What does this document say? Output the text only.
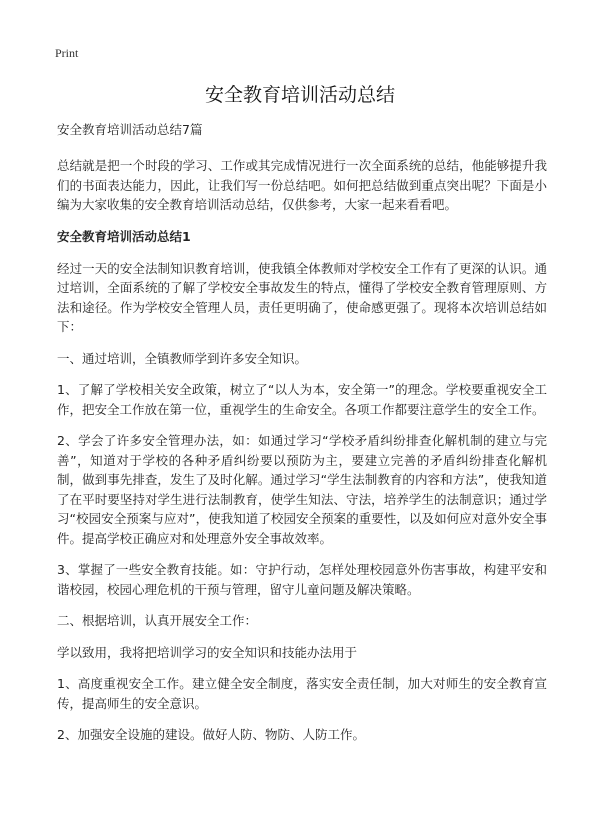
Print
安全教育培训活动总结

安全教育培训活动总结7篇

总结就是把一个时段的学习、工作或其完成情况进行一次全面系统的总结，他能够提升我们的书面表达能力，因此，让我们写一份总结吧。如何把总结做到重点突出呢？下面是小编为大家收集的安全教育培训活动总结，仅供参考，大家一起来看看吧。

安全教育培训活动总结1

经过一天的安全法制知识教育培训，使我镇全体教师对学校安全工作有了更深的认识。通过培训，全面系统的了解了学校安全事故发生的特点，懂得了学校安全教育管理原则、方法和途径。作为学校安全管理人员，责任更明确了，使命感更强了。现将本次培训总结如下：

一、通过培训，全镇教师学到许多安全知识。

1、了解了学校相关安全政策，树立了“以人为本，安全第一”的理念。学校要重视安全工作，把安全工作放在第一位，重视学生的生命安全。各项工作都要注意学生的安全工作。

2、学会了许多安全管理办法，如：如通过学习“学校矛盾纠纷排查化解机制的建立与完善”，知道对于学校的各种矛盾纠纷要以预防为主，要建立完善的矛盾纠纷排查化解机制，做到事先排查，发生了及时化解。通过学习“学生法制教育的内容和方法”，使我知道了在平时要坚持对学生进行法制教育，使学生知法、守法，培养学生的法制意识；通过学习“校园安全预案与应对”，使我知道了校园安全预案的重要性，以及如何应对意外安全事件。提高学校正确应对和处理意外安全事故效率。

3、掌握了一些安全教育技能。如：守护行动，怎样处理校园意外伤害事故，构建平安和谐校园，校园心理危机的干预与管理，留守儿童问题及解决策略。

二、根据培训，认真开展安全工作：

学以致用，我将把培训学习的安全知识和技能办法用于

1、高度重视安全工作。建立健全安全制度，落实安全责任制，加大对师生的安全教育宣传，提高师生的安全意识。

2、加强安全设施的建设。做好人防、物防、人防工作。
